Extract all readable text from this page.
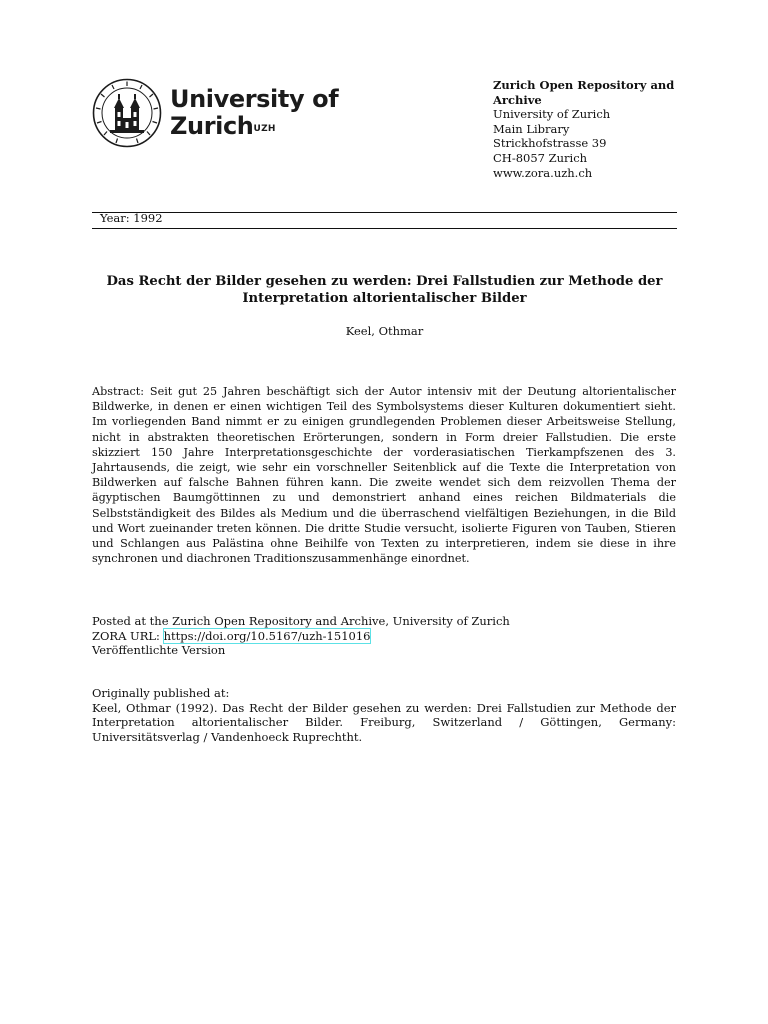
University of
Zurich$^{UZH}$
Zurich Open Repository and
Archive
University of Zurich
Main Library
Strickhofstrasse 39
CH-8057 Zurich
www.zora.uzh.ch
Year: 1992
Das Recht der Bilder gesehen zu werden: Drei Fallstudien zur Methode der Interpretation altorientalischer Bilder
Keel, Othmar
Abstract: Seit gut 25 Jahren beschäftigt sich der Autor intensiv mit der Deutung altorientalischer Bildwerke, in denen er einen wichtigen Teil des Symbolsystems dieser Kulturen dokumentiert sieht. Im vorliegenden Band nimmt er zu einigen grundlegenden Problemen dieser Arbeitsweise Stellung, nicht in abstrakten theoretischen Erörterungen, sondern in Form dreier Fallstudien. Die erste skizziert 150 Jahre Interpretationsgeschichte der vorderasiatischen Tierkampfszenen des 3. Jahrtausends, die zeigt, wie sehr ein vorschneller Seitenblick auf die Texte die Interpretation von Bildwerken auf falsche Bahnen führen kann. Die zweite wendet sich dem reizvollen Thema der ägyptischen Baumgöttinnen zu und demonstriert anhand eines reichen Bildmaterials die Selbstständigkeit des Bildes als Medium und die überraschend vielfältigen Beziehungen, in die Bild und Wort zueinander treten können. Die dritte Studie versucht, isolierte Figuren von Tauben, Stieren und Schlangen aus Palästina ohne Beihilfe von Texten zu interpretieren, indem sie diese in ihre synchronen und diachronen Traditionszusammenhänge einordnet.
Posted at the Zurich Open Repository and Archive, University of Zurich
ZORA URL: https://doi.org/10.5167/uzh-151016
Veröffentlichte Version
Originally published at:
Keel, Othmar (1992). Das Recht der Bilder gesehen zu werden: Drei Fallstudien zur Methode der Interpretation altorientalischer Bilder. Freiburg, Switzerland / Göttingen, Germany: Universitätsverlag / Vandenhoeck Ruprechtht.
